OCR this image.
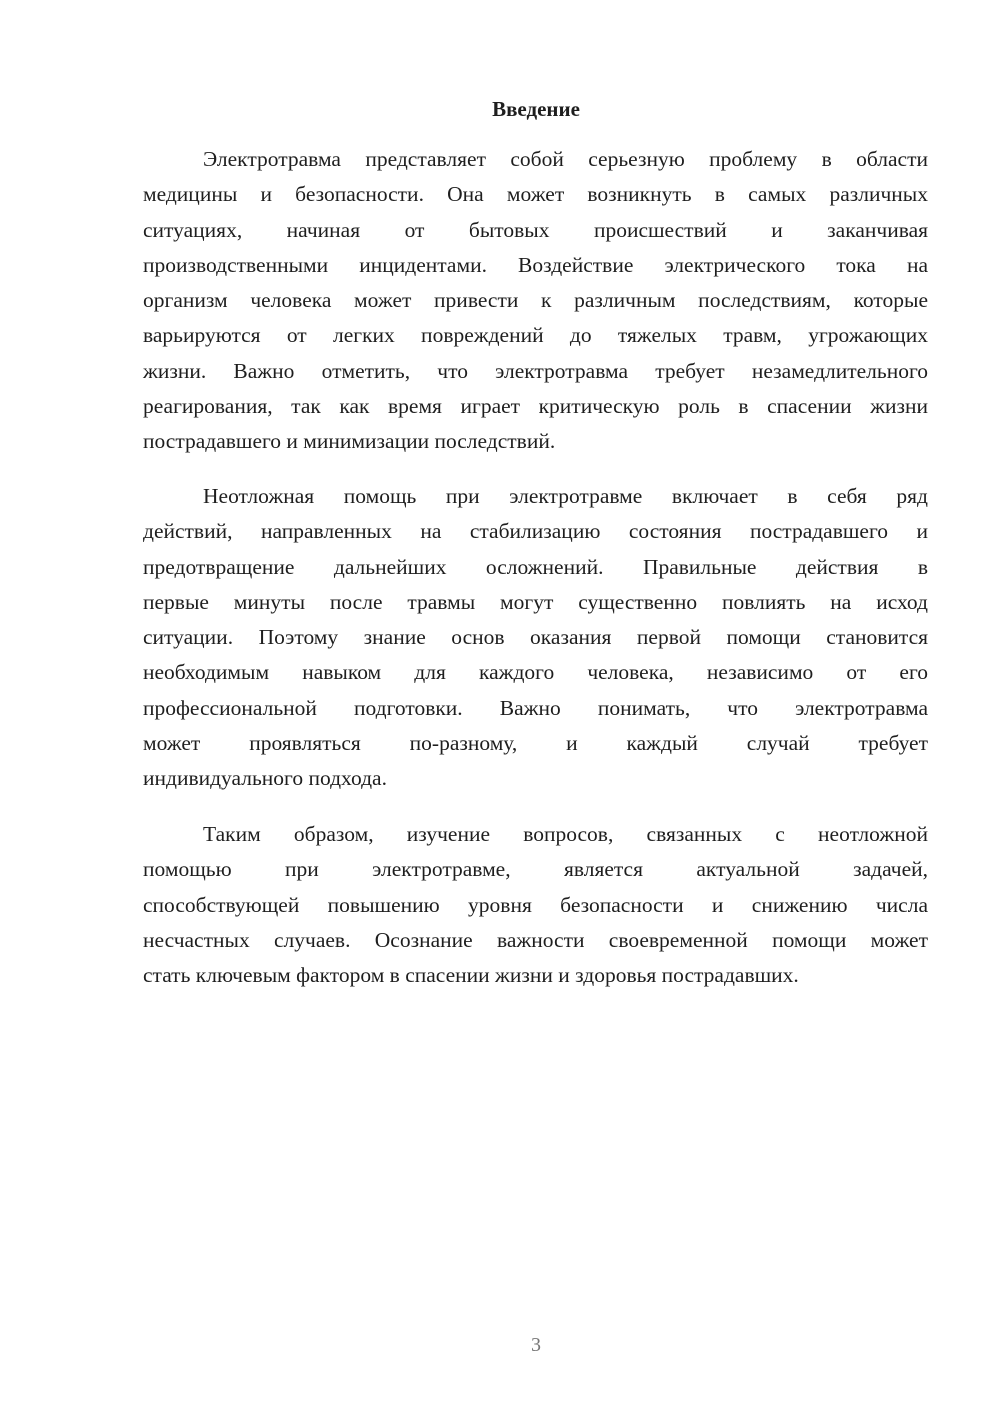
Введение
Электротравма представляет собой серьезную проблему в области
медицины и безопасности. Она может возникнуть в самых различных
ситуациях, начиная от бытовых происшествий и заканчивая
производственными инцидентами. Воздействие электрического тока на
организм человека может привести к различным последствиям, которые
варьируются от легких повреждений до тяжелых травм, угрожающих
жизни. Важно отметить, что электротравма требует незамедлительного
реагирования, так как время играет критическую роль в спасении жизни
пострадавшего и минимизации последствий.
Неотложная помощь при электротравме включает в себя ряд
действий, направленных на стабилизацию состояния пострадавшего и
предотвращение дальнейших осложнений. Правильные действия в
первые минуты после травмы могут существенно повлиять на исход
ситуации. Поэтому знание основ оказания первой помощи становится
необходимым навыком для каждого человека, независимо от его
профессиональной подготовки. Важно понимать, что электротравма
может проявляться по-разному, и каждый случай требует
индивидуального подхода.
Таким образом, изучение вопросов, связанных с неотложной
помощью при электротравме, является актуальной задачей,
способствующей повышению уровня безопасности и снижению числа
несчастных случаев. Осознание важности своевременной помощи может
стать ключевым фактором в спасении жизни и здоровья пострадавших.
3
